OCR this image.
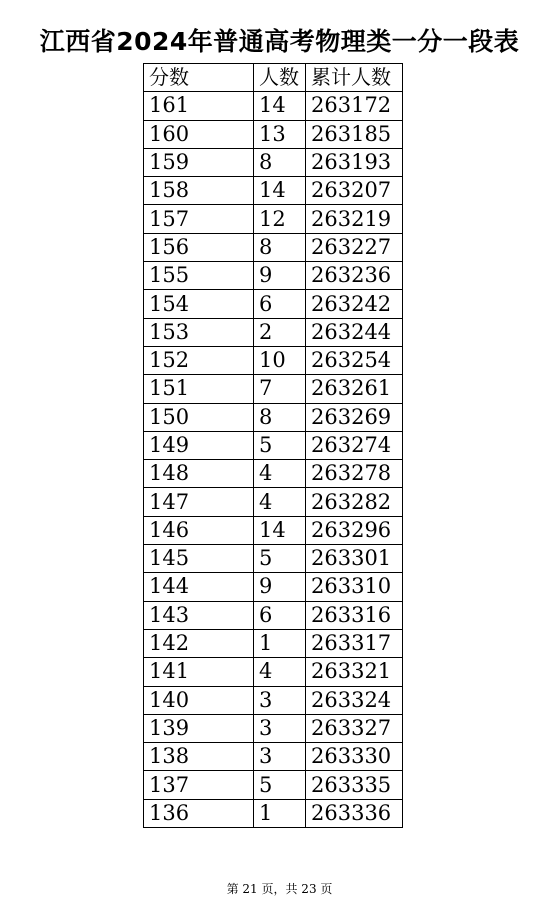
江西省2024年普通高考物理类一分一段表
分数	人数	累计人数
161	14	263172
160	13	263185
159	8	263193
158	14	263207
157	12	263219
156	8	263227
155	9	263236
154	6	263242
153	2	263244
152	10	263254
151	7	263261
150	8	263269
149	5	263274
148	4	263278
147	4	263282
146	14	263296
145	5	263301
144	9	263310
143	6	263316
142	1	263317
141	4	263321
140	3	263324
139	3	263327
138	3	263330
137	5	263335
136	1	263336
第 21 页，共 23 页
